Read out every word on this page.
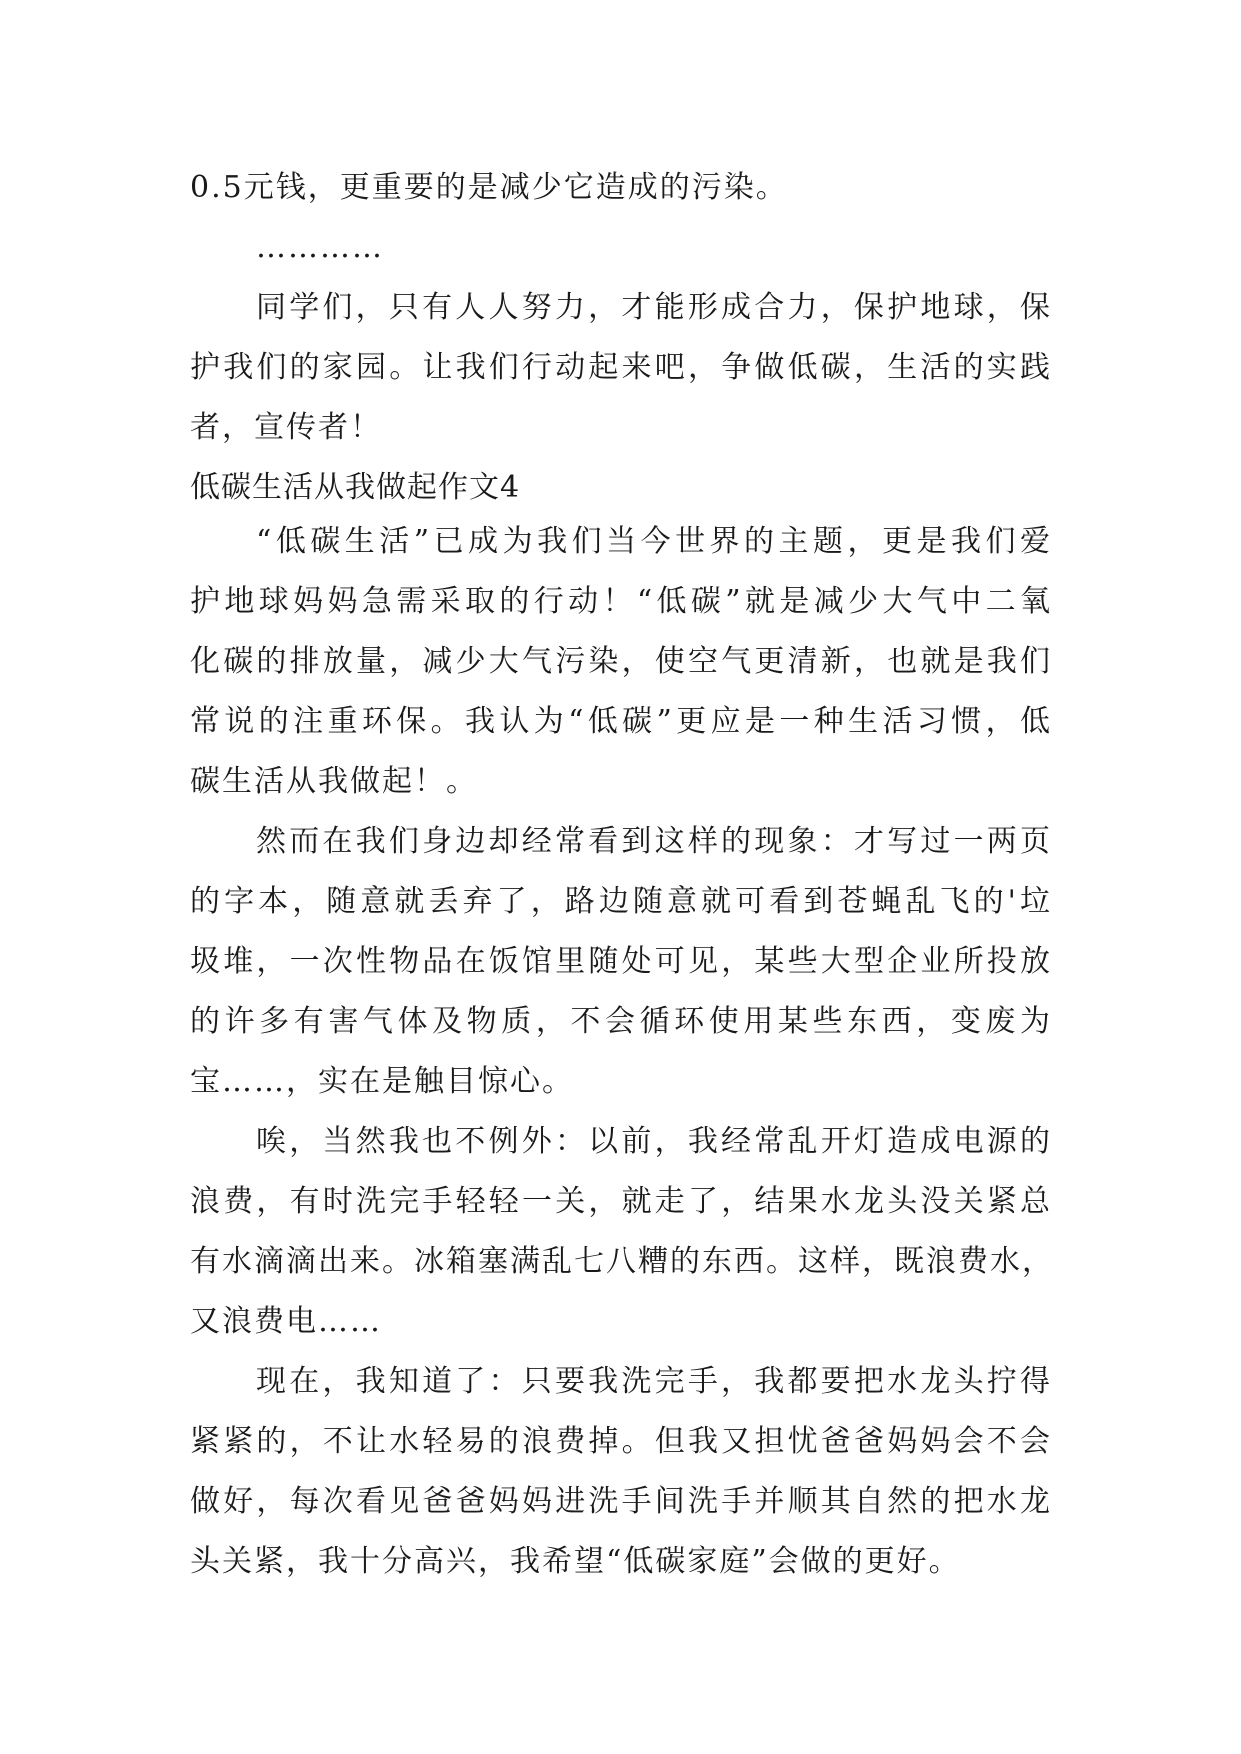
0.5元钱，更重要的是减少它造成的污染。
…………
同学们，只有人人努力，才能形成合力，保护地球，保
护我们的家园。让我们行动起来吧，争做低碳，生活的实践
者，宣传者！
低碳生活从我做起作文4
“低碳生活”已成为我们当今世界的主题，更是我们爱
护地球妈妈急需采取的行动！“低碳”就是减少大气中二氧
化碳的排放量，减少大气污染，使空气更清新，也就是我们
常说的注重环保。我认为“低碳”更应是一种生活习惯，低
碳生活从我做起！。
然而在我们身边却经常看到这样的现象：才写过一两页
的字本，随意就丢弃了，路边随意就可看到苍蝇乱飞的'垃
圾堆，一次性物品在饭馆里随处可见，某些大型企业所投放
的许多有害气体及物质，不会循环使用某些东西，变废为
宝……，实在是触目惊心。
唉，当然我也不例外：以前，我经常乱开灯造成电源的
浪费，有时洗完手轻轻一关，就走了，结果水龙头没关紧总
有水滴滴出来。冰箱塞满乱七八糟的东西。这样，既浪费水，
又浪费电……
现在，我知道了：只要我洗完手，我都要把水龙头拧得
紧紧的，不让水轻易的浪费掉。但我又担忧爸爸妈妈会不会
做好，每次看见爸爸妈妈进洗手间洗手并顺其自然的把水龙
头关紧，我十分高兴，我希望“低碳家庭”会做的更好。
